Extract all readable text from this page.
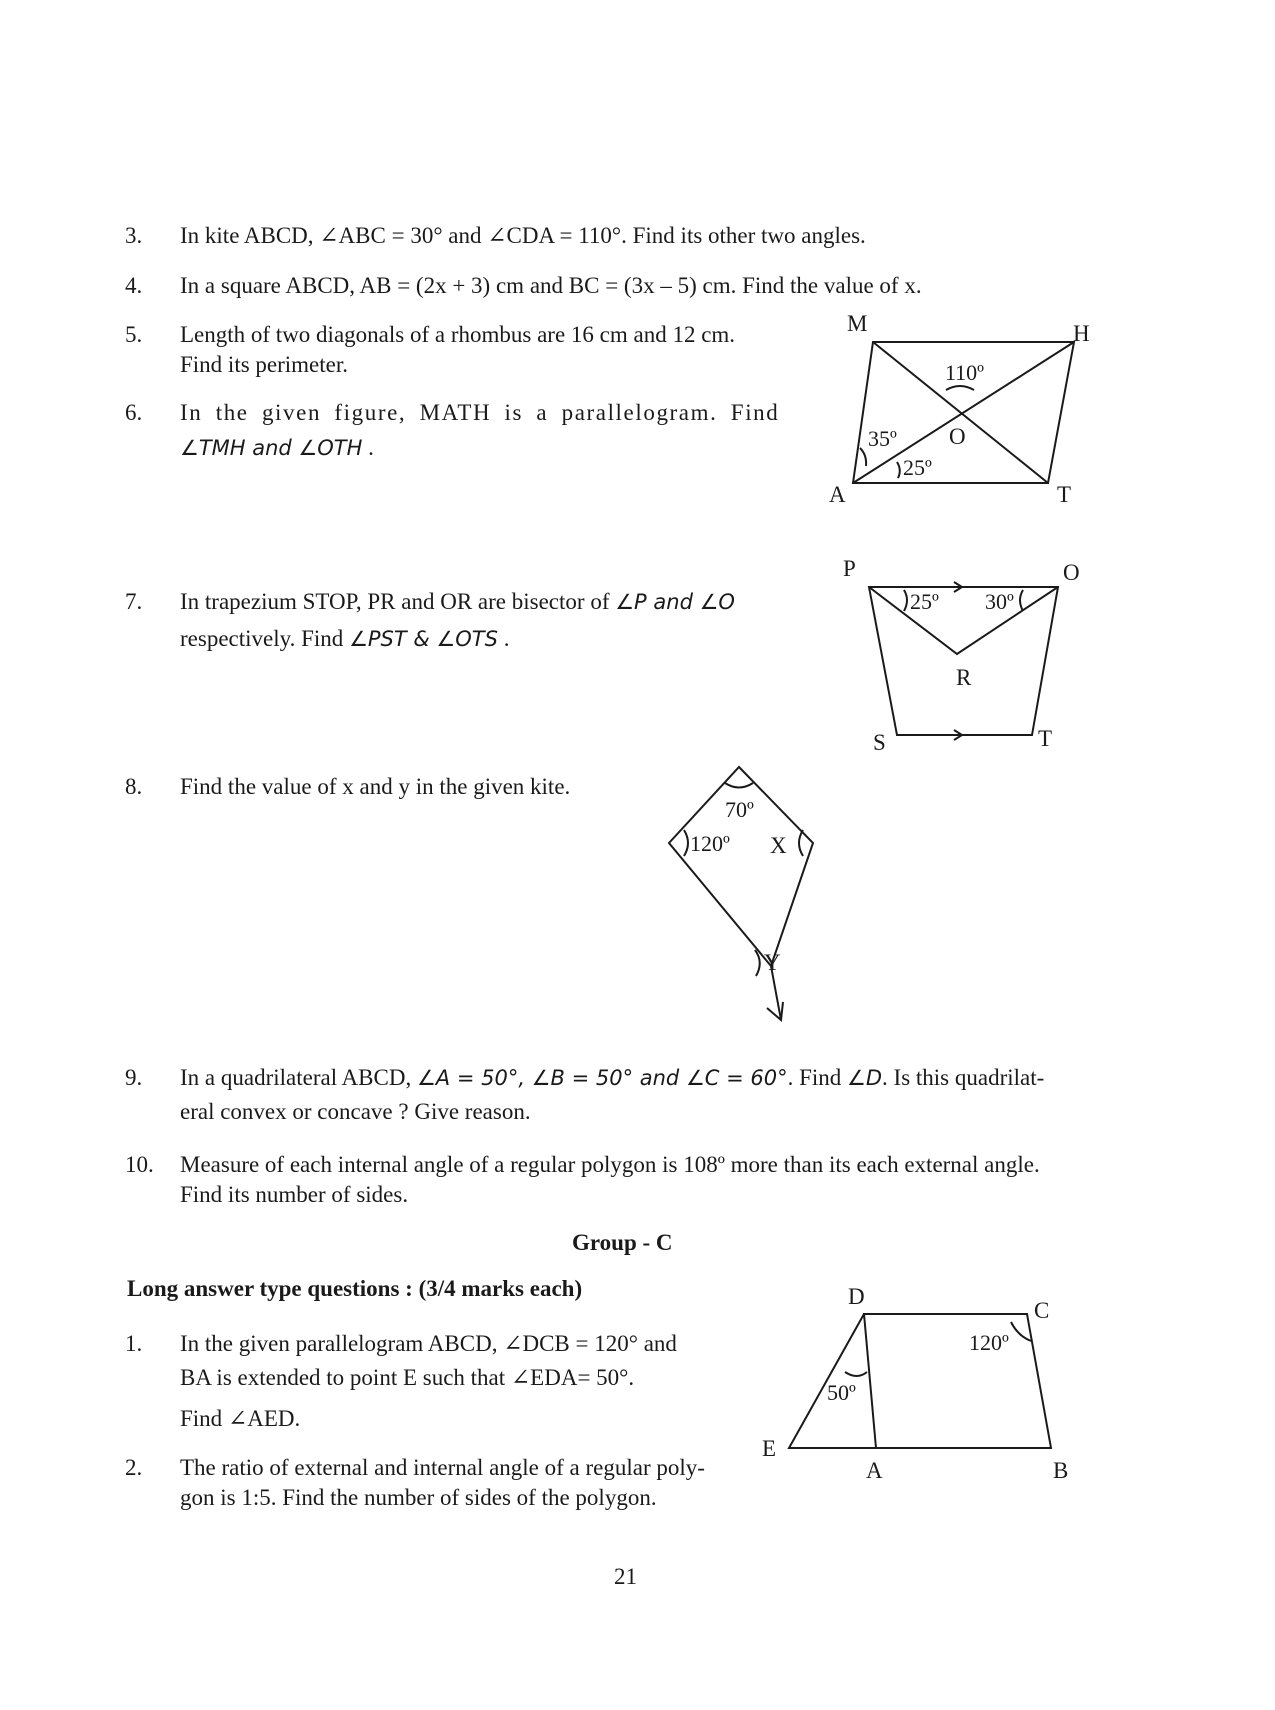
3. In kite ABCD, ∠ABC = 30° and ∠CDA = 110°. Find its other two angles.
4. In a square ABCD, AB = (2x + 3) cm and BC = (3x – 5) cm. Find the value of x.
5. Length of two diagonals of a rhombus are 16 cm and 12 cm.
Find its perimeter.
6. In the given figure, MATH is a parallelogram. Find
∠TMH and ∠OTH .
7. In trapezium STOP, PR and OR are bisector of ∠P and ∠O
respectively. Find ∠PST & ∠OTS .
8. Find the value of x and y in the given kite.
9. In a quadrilateral ABCD, ∠A = 50°, ∠B = 50° and ∠C = 60°. Find ∠D. Is this quadrilat-
eral convex or concave ? Give reason.
10. Measure of each internal angle of a regular polygon is 108º more than its each external angle.
Find its number of sides.
Group - C
Long answer type questions : (3/4 marks each)
1. In the given parallelogram ABCD, ∠DCB = 120° and
BA is extended to point E such that ∠EDA= 50°.
Find ∠AED.
2. The ratio of external and internal angle of a regular poly-
gon is 1:5. Find the number of sides of the polygon.
21
M	H
A	T
O
110º
35º
25º
P	O
S	T
R
25º 30º
70º
120º X
Y
D
C
E
A	B
120º
50º
